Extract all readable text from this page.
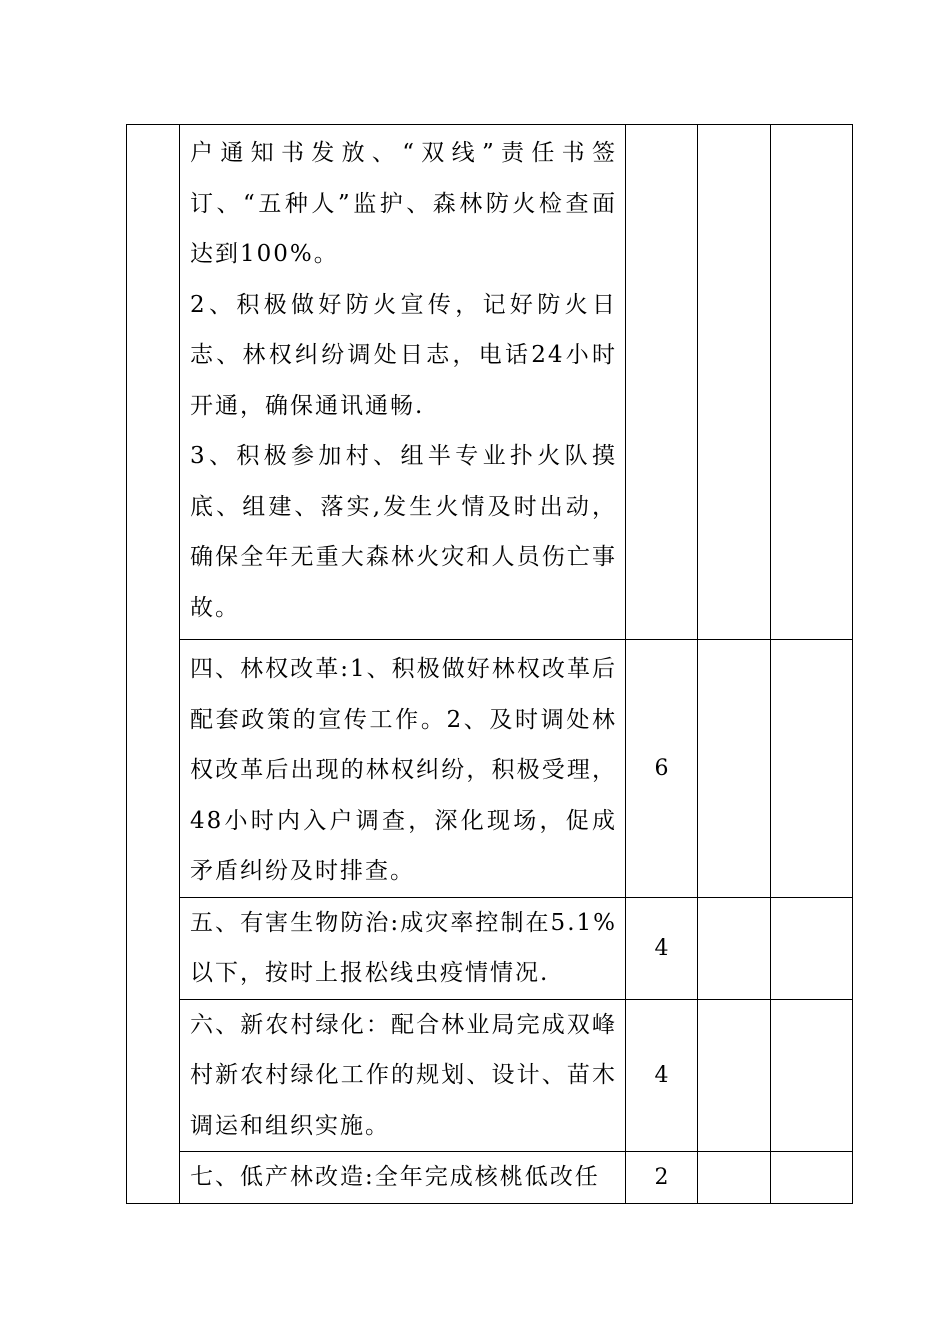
	户通知书发放、“双线”责任书签订、“五种人”监护、森林防火检查面达到100%。
2、积极做好防火宣传，记好防火日志、林权纠纷调处日志，电话24小时开通，确保通讯通畅.
3、积极参加村、组半专业扑火队摸底、组建、落实,发生火情及时出动，确保全年无重大森林火灾和人员伤亡事故。			

	四、林权改革:1、积极做好林权改革后配套政策的宣传工作。2、及时调处林权改革后出现的林权纠纷，积极受理，48小时内入户调查，深化现场，促成矛盾纠纷及时排查。	6		

	五、有害生物防治:成灾率控制在5.1%以下，按时上报松线虫疫情情况.	4		

	六、新农村绿化：配合林业局完成双峰村新农村绿化工作的规划、设计、苗木调运和组织实施。	4		

	七、低产林改造:全年完成核桃低改任	2		
